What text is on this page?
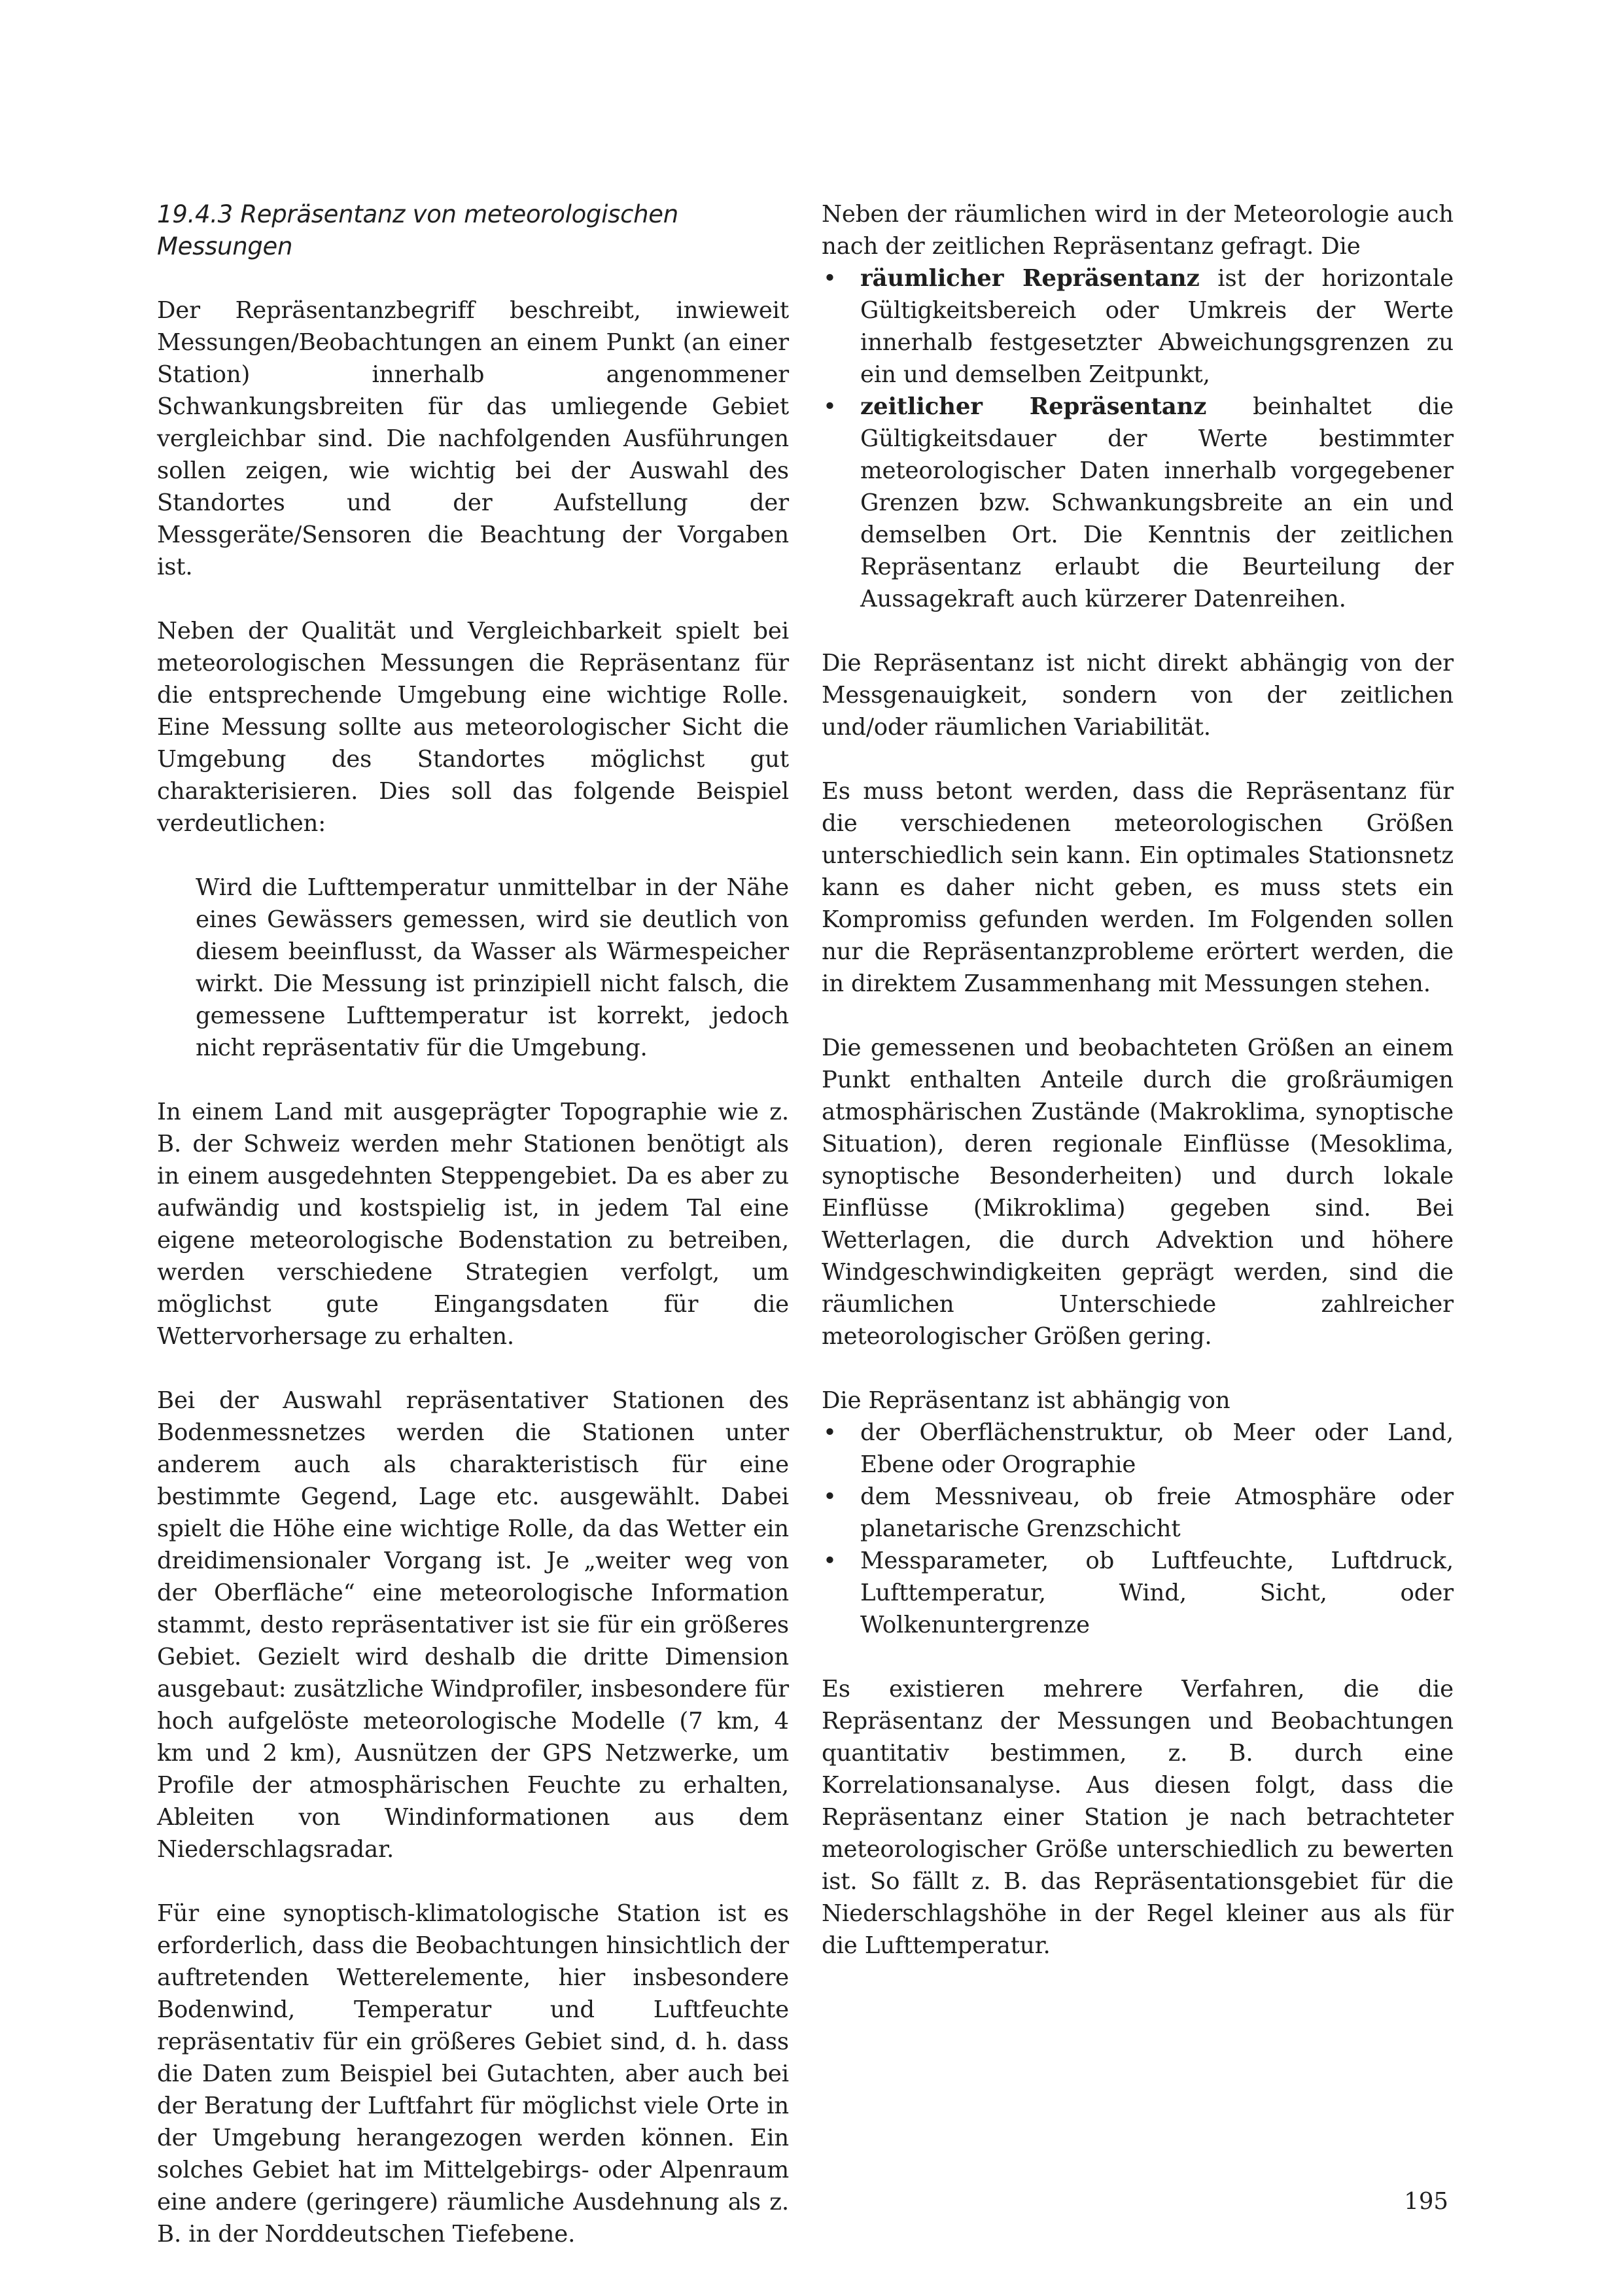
19.4.3 Repräsentanz von meteorologischen Messungen

Der Repräsentanzbegriff beschreibt, inwieweit Messungen/Beobachtungen an einem Punkt (an einer Station) innerhalb angenommener Schwankungsbreiten für das umliegende Gebiet vergleichbar sind. Die nachfolgenden Ausführungen sollen zeigen, wie wichtig bei der Auswahl des Standortes und der Aufstellung der Messgeräte/Sensoren die Beachtung der Vorgaben ist.

Neben der Qualität und Vergleichbarkeit spielt bei meteorologischen Messungen die Repräsentanz für die entsprechende Umgebung eine wichtige Rolle. Eine Messung sollte aus meteorologischer Sicht die Umgebung des Standortes möglichst gut charakterisieren. Dies soll das folgende Beispiel verdeutlichen:

Wird die Lufttemperatur unmittelbar in der Nähe eines Gewässers gemessen, wird sie deutlich von diesem beeinflusst, da Wasser als Wärmespeicher wirkt. Die Messung ist prinzipiell nicht falsch, die gemessene Lufttemperatur ist korrekt, jedoch nicht repräsentativ für die Umgebung.

In einem Land mit ausgeprägter Topographie wie z. B. der Schweiz werden mehr Stationen benötigt als in einem ausgedehnten Steppengebiet. Da es aber zu aufwändig und kostspielig ist, in jedem Tal eine eigene meteorologische Bodenstation zu betreiben, werden verschiedene Strategien verfolgt, um möglichst gute Eingangsdaten für die Wettervorhersage zu erhalten.

Bei der Auswahl repräsentativer Stationen des Bodenmessnetzes werden die Stationen unter anderem auch als charakteristisch für eine bestimmte Gegend, Lage etc. ausgewählt. Dabei spielt die Höhe eine wichtige Rolle, da das Wetter ein dreidimensionaler Vorgang ist. Je „weiter weg von der Oberfläche“ eine meteorologische Information stammt, desto repräsentativer ist sie für ein größeres Gebiet. Gezielt wird deshalb die dritte Dimension ausgebaut: zusätzliche Windprofiler, insbesondere für hoch aufgelöste meteorologische Modelle (7 km, 4 km und 2 km), Ausnützen der GPS Netzwerke, um Profile der atmosphärischen Feuchte zu erhalten, Ableiten von Windinformationen aus dem Niederschlagsradar.

Für eine synoptisch-klimatologische Station ist es erforderlich, dass die Beobachtungen hinsichtlich der auftretenden Wetterelemente, hier insbesondere Bodenwind, Temperatur und Luftfeuchte repräsentativ für ein größeres Gebiet sind, d. h. dass die Daten zum Beispiel bei Gutachten, aber auch bei der Beratung der Luftfahrt für möglichst viele Orte in der Umgebung herangezogen werden können. Ein solches Gebiet hat im Mittelgebirgs- oder Alpenraum eine andere (geringere) räumliche Ausdehnung als z. B. in der Norddeutschen Tiefebene.

Neben der räumlichen wird in der Meteorologie auch nach der zeitlichen Repräsentanz gefragt. Die

• räumlicher Repräsentanz ist der horizontale Gültigkeitsbereich oder Umkreis der Werte innerhalb festgesetzter Abweichungsgrenzen zu ein und demselben Zeitpunkt,
• zeitlicher Repräsentanz beinhaltet die Gültigkeitsdauer der Werte bestimmter meteorologischer Daten innerhalb vorgegebener Grenzen bzw. Schwankungsbreite an ein und demselben Ort. Die Kenntnis der zeitlichen Repräsentanz erlaubt die Beurteilung der Aussagekraft auch kürzerer Datenreihen.

Die Repräsentanz ist nicht direkt abhängig von der Messgenauigkeit, sondern von der zeitlichen und/oder räumlichen Variabilität.

Es muss betont werden, dass die Repräsentanz für die verschiedenen meteorologischen Größen unterschiedlich sein kann. Ein optimales Stationsnetz kann es daher nicht geben, es muss stets ein Kompromiss gefunden werden. Im Folgenden sollen nur die Repräsentanzprobleme erörtert werden, die in direktem Zusammenhang mit Messungen stehen.

Die gemessenen und beobachteten Größen an einem Punkt enthalten Anteile durch die großräumigen atmosphärischen Zustände (Makroklima, synoptische Situation), deren regionale Einflüsse (Mesoklima, synoptische Besonderheiten) und durch lokale Einflüsse (Mikroklima) gegeben sind. Bei Wetterlagen, die durch Advektion und höhere Windgeschwindigkeiten geprägt werden, sind die räumlichen Unterschiede zahlreicher meteorologischer Größen gering.

Die Repräsentanz ist abhängig von

• der Oberflächenstruktur, ob Meer oder Land, Ebene oder Orographie
• dem Messniveau, ob freie Atmosphäre oder planetarische Grenzschicht
• Messparameter, ob Luftfeuchte, Luftdruck, Lufttemperatur, Wind, Sicht, oder Wolkenuntergrenze

Es existieren mehrere Verfahren, die die Repräsentanz der Messungen und Beobachtungen quantitativ bestimmen, z. B. durch eine Korrelationsanalyse. Aus diesen folgt, dass die Repräsentanz einer Station je nach betrachteter meteorologischer Größe unterschiedlich zu bewerten ist. So fällt z. B. das Repräsentationsgebiet für die Niederschlagshöhe in der Regel kleiner aus als für die Lufttemperatur.

195
